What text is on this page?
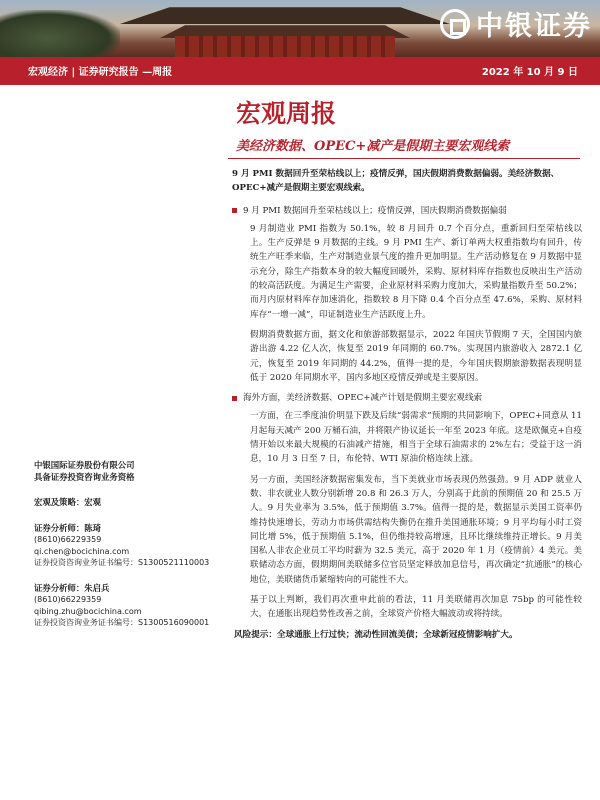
中银证券
宏观经济 | 证券研究报告 —周报	2022 年 10 月 9 日
宏观周报
美经济数据、OPEC+减产是假期主要宏观线索
9 月 PMI 数据回升至荣枯线以上；疫情反弹，国庆假期消费数据偏弱。美经济数据、OPEC+减产是假期主要宏观线索。
9 月 PMI 数据回升至荣枯线以上；疫情反弹，国庆假期消费数据偏弱
9 月制造业 PMI 指数为 50.1%，较 8 月回升 0.7 个百分点，重新回归至荣枯线以上。生产反弹是 9 月数据的主线。9 月 PMI 生产、新订单两大权重指数均有回升，传统生产旺季来临，生产对制造业景气度的推升更加明显。生产活动修复在 9 月数据中显示充分，除生产指数本身的较大幅度回暖外，采购、原材料库存指数也反映出生产活动的较高活跃度。为满足生产需要，企业原材料采购力度加大，采购量指数升至 50.2%；而月内原材料库存加速消化，指数较 8 月下降 0.4 个百分点至 47.6%，采购、原材料库存“一增一减”，印证制造业生产活跃度上升。
假期消费数据方面，据文化和旅游部数据显示，2022 年国庆节假期 7 天，全国国内旅游出游 4.22 亿人次，恢复至 2019 年同期的 60.7%。实现国内旅游收入 2872.1 亿元，恢复至 2019 年同期的 44.2%，值得一提的是，今年国庆假期旅游数据表现明显低于 2020 年同期水平，国内多地区疫情反弹或是主要原因。
海外方面，美经济数据、OPEC+减产计划是假期主要宏观线索
一方面，在三季度油价明显下跌及后续“弱需求”预期的共同影响下，OPEC+同意从 11 月起每天减产 200 万桶石油，并将限产协议延长一年至 2023 年底。这是欧佩克+自疫情开始以来最大规模的石油减产措施，相当于全球石油需求的 2%左右；受益于这一消息，10 月 3 日至 7 日，布伦特、WTI 原油价格连续上涨。
另一方面，美国经济数据密集发布，当下美就业市场表现仍然强劲。9 月 ADP 就业人数、非农就业人数分别新增 20.8 和 26.3 万人，分别高于此前的预期值 20 和 25.5 万人。9 月失业率为 3.5%，低于预期值 3.7%。值得一提的是，数据显示美国工资率仍维持快速增长，劳动力市场供需结构失衡仍在推升美国通胀环境；9 月平均每小时工资同比增 5%，低于预期值 5.1%，但仍维持较高增速，且环比继续维持正增长。9 月美国私人非农企业员工平均时薪为 32.5 美元，高于 2020 年 1 月（疫情前）4 美元。美联储动态方面，假期期间美联储多位官员坚定释放加息信号，再次确定“抗通胀”的核心地位，美联储货币紧缩转向的可能性不大。
基于以上判断，我们再次重申此前的看法，11 月美联储再次加息 75bp 的可能性较大，在通胀出现趋势性改善之前，全球资产价格大幅波动或将持续。
风险提示：全球通胀上行过快；流动性回流美债；全球新冠疫情影响扩大。
中银国际证券股份有限公司
具备证券投资咨询业务资格
宏观及策略：宏观
证券分析师：陈琦
(8610)66229359
qi.chen@bocichina.com
证券投资咨询业务证书编号：S1300521110003
证券分析师：朱启兵
(8610)66229359
qibing.zhu@bocichina.com
证券投资咨询业务证书编号：S1300516090001
